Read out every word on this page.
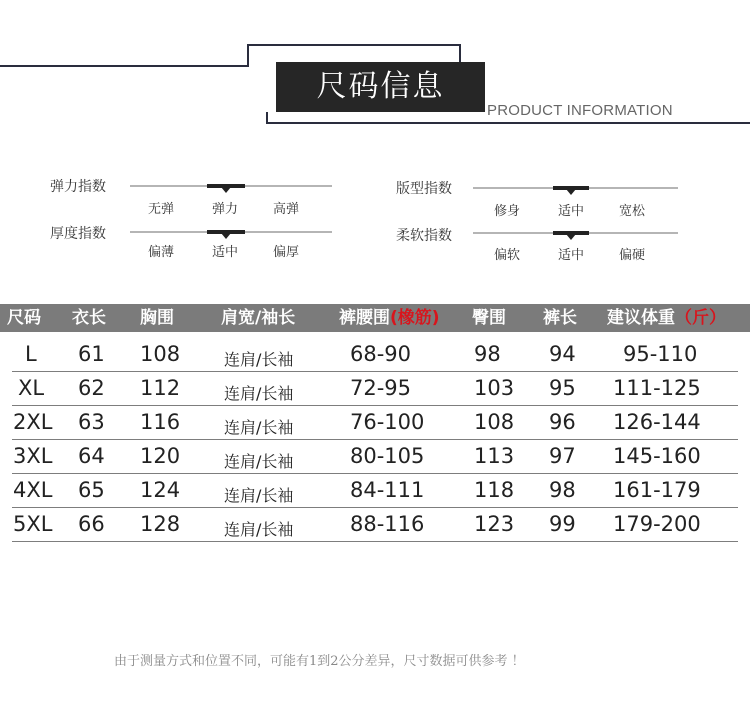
尺码信息
PRODUCT INFORMATION
弹力指数
无弹	弹力	高弹
厚度指数
偏薄	适中	偏厚
版型指数
修身	适中	宽松
柔软指数
偏软	适中	偏硬
尺码 衣长 胸围	肩宽/袖长	裤腰围(橡筋) 臀围 裤长 建议体重（斤）
L 61 108	连肩/长袖	68-90	98 94 95-110
XL 62 112	连肩/长袖	72-95	103 95 111-125
2XL 63 116	连肩/长袖	76-100 108 96 126-144
3XL 64 120	连肩/长袖	80-105 113 97 145-160
4XL 65 124	连肩/长袖	84-111 118 98 161-179
5XL 66 128	连肩/长袖	88-116 123 99 179-200
由于测量方式和位置不同，可能有1到2公分差异，尺寸数据可供参考 ！
